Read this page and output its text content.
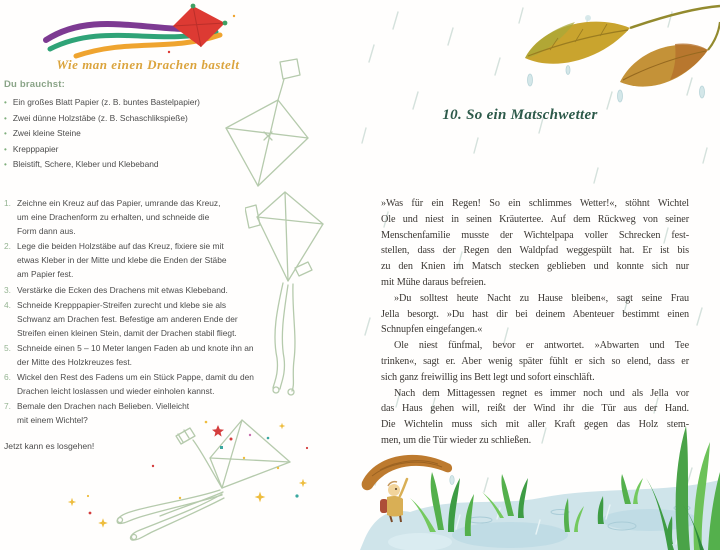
Wie man einen Drachen bastelt
Du brauchst:
• Ein großes Blatt Papier (z. B. buntes Bastelpapier)
• Zwei dünne Holzstäbe (z. B. Schaschlikspieße)
• Zwei kleine Steine
• Krepppapier
• Bleistift, Schere, Kleber und Klebeband
1. Zeichne ein Kreuz auf das Papier, umrande das Kreuz,
um eine Drachenform zu erhalten, und schneide die
Form dann aus.
2. Lege die beiden Holzstäbe auf das Kreuz, fixiere sie mit
etwas Kleber in der Mitte und klebe die Enden der Stäbe
am Papier fest.
3. Verstärke die Ecken des Drachens mit etwas Klebeband.
4. Schneide Krepppapier-Streifen zurecht und klebe sie als
Schwanz am Drachen fest. Befestige am anderen Ende der
Streifen einen kleinen Stein, damit der Drachen stabil fliegt.
5. Schneide einen 5 – 10 Meter langen Faden ab und knote ihn an
der Mitte des Holzkreuzes fest.
6. Wickel den Rest des Fadens um ein Stück Pappe, damit du den
Drachen leicht loslassen und wieder einholen kannst.
7. Bemale den Drachen nach Belieben. Vielleicht
mit einem Wichtel?
Jetzt kann es losgehen!
10. So ein Matschwetter
»Was für ein Regen! So ein schlimmes Wetter!«, stöhnt Wichtel
Ole und niest in seinen Kräutertee. Auf dem Rückweg von seiner
Menschenfamilie musste der Wichtelpapa voller Schrecken fest-
stellen, dass der Regen den Waldpfad weggespült hat. Er ist bis
zu den Knien im Matsch stecken geblieben und konnte sich nur
mit Mühe daraus befreien.
»Du solltest heute Nacht zu Hause bleiben«, sagt seine Frau
Jella besorgt. »Du hast dir bei deinem Abenteuer bestimmt einen
Schnupfen eingefangen.«
Ole niest fünfmal, bevor er antwortet. »Abwarten und Tee
trinken«, sagt er. Aber wenig später fühlt er sich so elend, dass er
sich ganz freiwillig ins Bett legt und sofort einschläft.
Nach dem Mittagessen regnet es immer noch und als Jella vor
das Haus gehen will, reißt der Wind ihr die Tür aus der Hand.
Die Wichtelin muss sich mit aller Kraft gegen das Holz stem-
men, um die Tür wieder zu schließen.
